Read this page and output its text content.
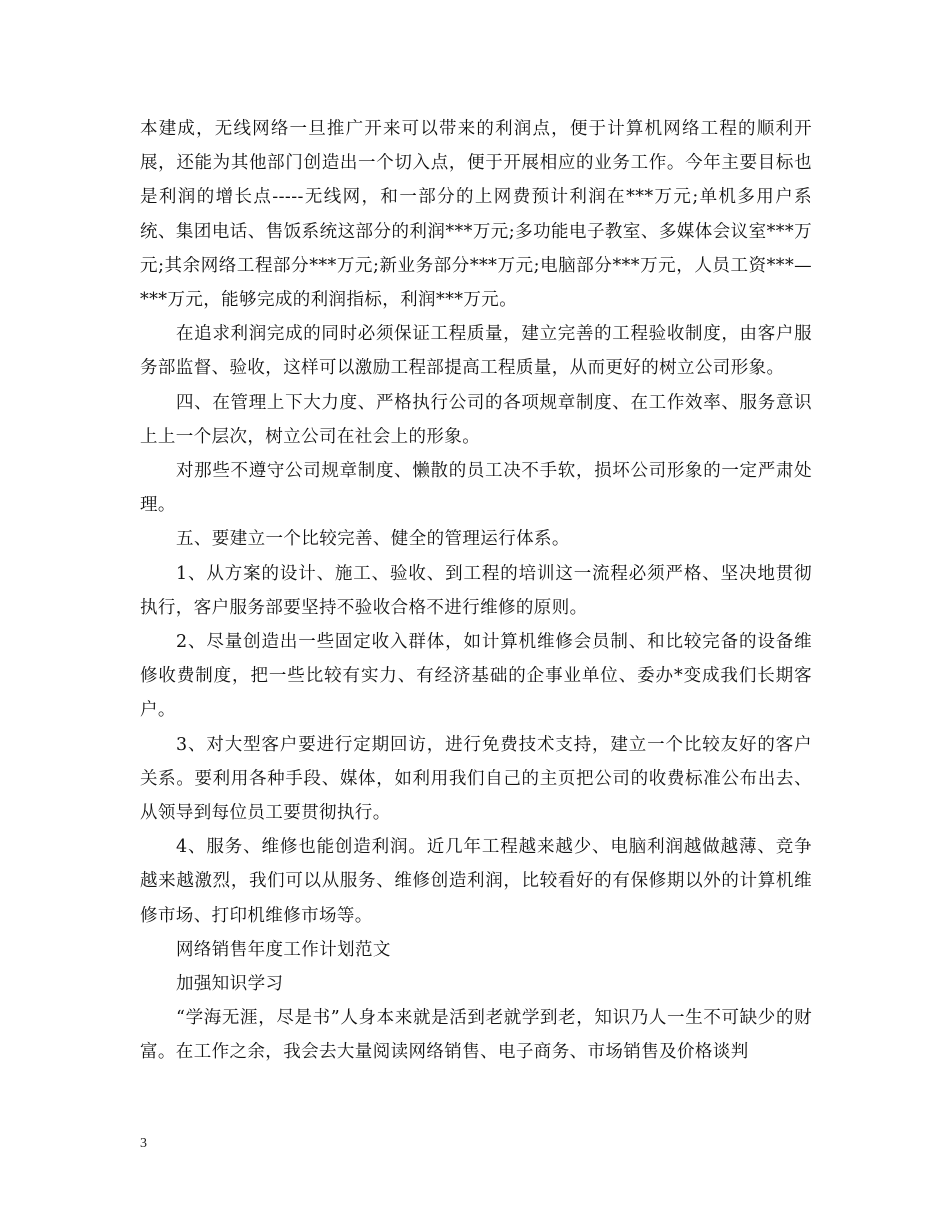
本建成，无线网络一旦推广开来可以带来的利润点，便于计算机网络工程的顺利开展，还能为其他部门创造出一个切入点，便于开展相应的业务工作。今年主要目标也是利润的增长点-----无线网，和一部分的上网费预计利润在***万元;单机多用户系统、集团电话、售饭系统这部分的利润***万元;多功能电子教室、多媒体会议室***万元;其余网络工程部分***万元;新业务部分***万元;电脑部分***万元，人员工资***—***万元，能够完成的利润指标，利润***万元。

在追求利润完成的同时必须保证工程质量，建立完善的工程验收制度，由客户服务部监督、验收，这样可以激励工程部提高工程质量，从而更好的树立公司形象。

四、在管理上下大力度、严格执行公司的各项规章制度、在工作效率、服务意识上上一个层次，树立公司在社会上的形象。

对那些不遵守公司规章制度、懒散的员工决不手软，损坏公司形象的一定严肃处理。

五、要建立一个比较完善、健全的管理运行体系。

1、从方案的设计、施工、验收、到工程的培训这一流程必须严格、坚决地贯彻执行，客户服务部要坚持不验收合格不进行维修的原则。

2、尽量创造出一些固定收入群体，如计算机维修会员制、和比较完备的设备维修收费制度，把一些比较有实力、有经济基础的企事业单位、委办*变成我们长期客户。

3、对大型客户要进行定期回访，进行免费技术支持，建立一个比较友好的客户关系。要利用各种手段、媒体，如利用我们自己的主页把公司的收费标准公布出去、从领导到每位员工要贯彻执行。

4、服务、维修也能创造利润。近几年工程越来越少、电脑利润越做越薄、竞争越来越激烈，我们可以从服务、维修创造利润，比较看好的有保修期以外的计算机维修市场、打印机维修市场等。

网络销售年度工作计划范文

加强知识学习

“学海无涯，尽是书”人身本来就是活到老就学到老，知识乃人一生不可缺少的财富。在工作之余，我会去大量阅读网络销售、电子商务、市场销售及价格谈判

3
